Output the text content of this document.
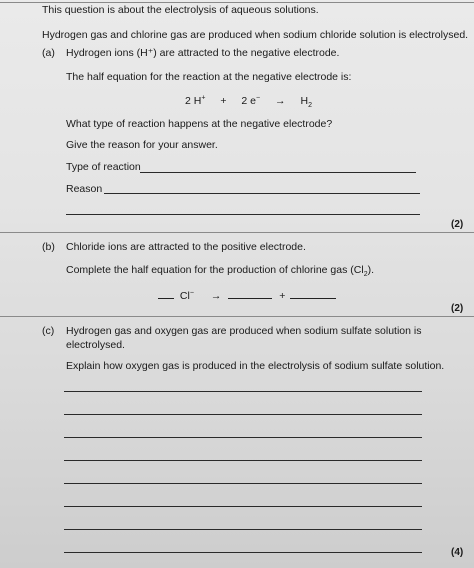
This question is about the electrolysis of aqueous solutions.
Hydrogen gas and chlorine gas are produced when sodium chloride solution is electrolysed.
(a) Hydrogen ions (H⁺) are attracted to the negative electrode.
The half equation for the reaction at the negative electrode is:
2 H+ + 2 $e^- \to H_2$
What type of reaction happens at the negative electrode?
Give the reason for your answer.
Type of reaction
Reason
(2)
(b) Chloride ions are attracted to the positive electrode.
Complete the half equation for the production of chlorine gas $(Cl_2)$.
Cl− →	+
(2)
(c) Hydrogen gas and oxygen gas are produced when sodium sulfate solution is
electrolysed.
Explain how oxygen gas is produced in the electrolysis of sodium sulfate solution.
(4)
